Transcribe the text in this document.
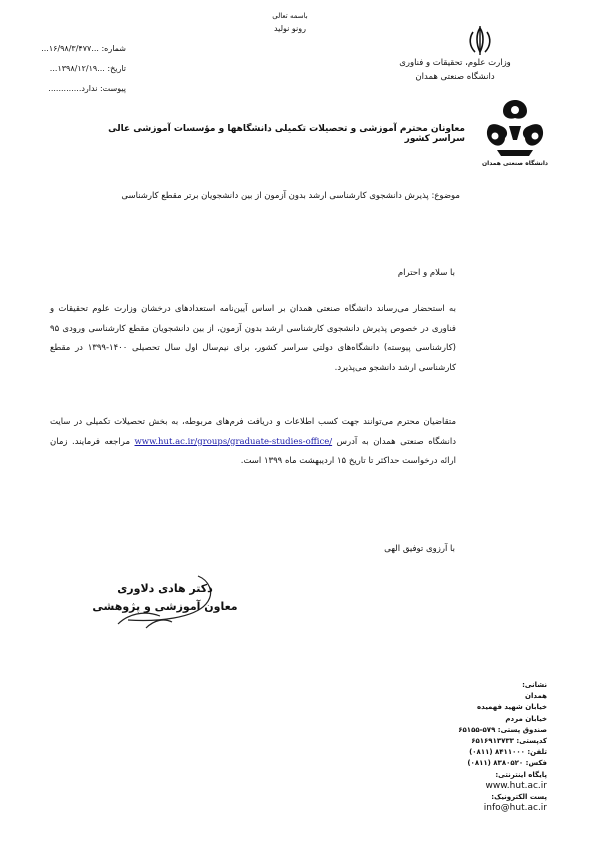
باسمه تعالی
رونو نوليد
وزارت علوم، تحقیقات و فناوری
دانشگاه صنعتی همدان
شماره: ...۱۶/۹۸/۳/۴۷۷...
تاریخ: ...۱۳۹۸/۱۲/۱۹...
پیوست: ندارد.............
دانشگاه صنعتی همدان
معاونان محترم آموزشی و تحصیلات تکمیلی دانشگاهها و مؤسسات آموزشی عالی سراسر کشور
موضوع: پذیرش دانشجوی کارشناسی ارشد بدون آزمون از بین دانشجویان برتر مقطع کارشناسی
با سلام و احترام
به استحضار می‌رساند دانشگاه صنعتی همدان بر اساس آیین‌نامه استعدادهای درخشان وزارت علوم تحقیقات و فناوری در خصوص پذیرش دانشجوی کارشناسی ارشد بدون آزمون، از بین دانشجویان مقطع کارشناسی ورودی ۹۵ (کارشناسی پیوسته) دانشگاه‌های دولتی سراسر کشور، برای نیم‌سال اول سال تحصیلی ۱۴۰۰-۱۳۹۹ در مقطع کارشناسی ارشد دانشجو می‌پذیرد.
متقاضیان محترم می‌توانند جهت کسب اطلاعات و دریافت فرم‌های مربوطه، به بخش تحصیلات تکمیلی در سایت دانشگاه صنعتی همدان به آدرس www.hut.ac.ir/groups/graduate-studies-office/ مراجعه فرمایند. زمان ارائه درخواست حداکثر تا تاریخ ۱۵ اردیبهشت ماه ۱۳۹۹ است.
با آرزوی توفیق الهی
دکتر هادی دلاوری
معاون آموزشی و پژوهشی
نشانی:
همدان
خیابان شهید فهمیده
خیابان مردم
صندوق پستی: ۵۷۹-۶۵۱۵۵
کدپستی: ۶۵۱۶۹۱۳۷۳۳
تلفن: ۸۴۱۱۰۰۰ (۰۸۱۱)
فکس: ۸۳۸۰۵۲۰ (۰۸۱۱)
پایگاه اینترنتی:
www.hut.ac.ir
پست الکترونیک:
info@hut.ac.ir
